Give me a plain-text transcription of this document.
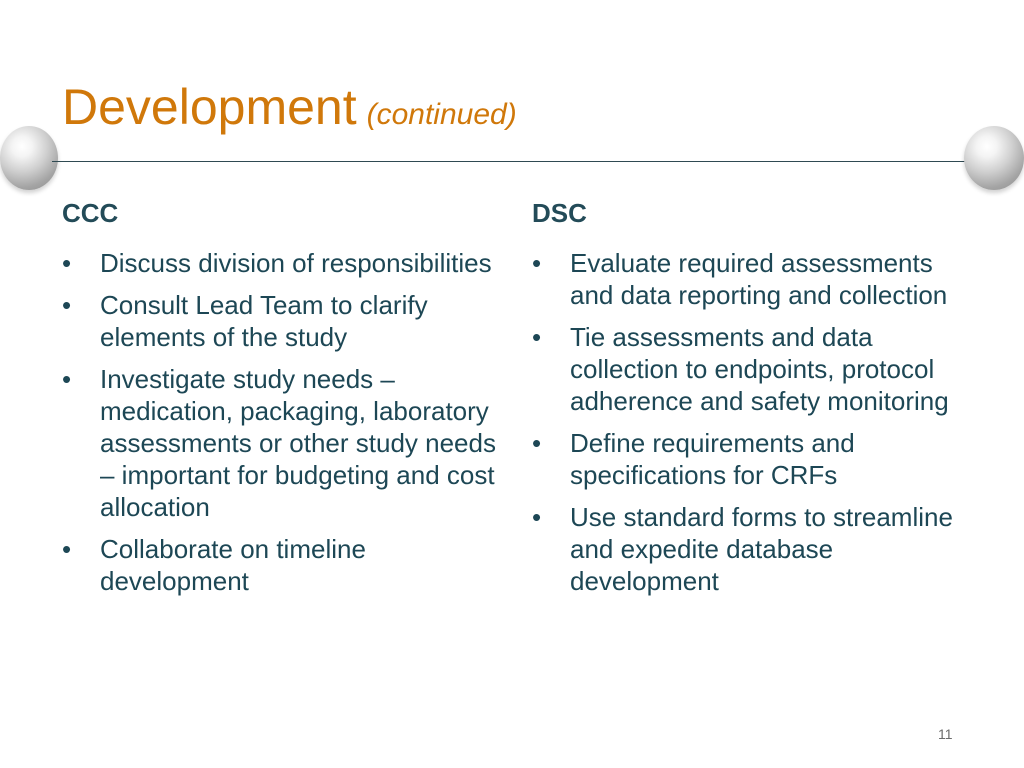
Development (continued)
CCC
•	Discuss division of responsibilities
•	Consult Lead Team to clarify elements of the study
•	Investigate study needs – medication, packaging, laboratory assessments or other study needs – important for budgeting and cost allocation
•	Collaborate on timeline development
DSC
•	Evaluate required assessments and data reporting and collection
•	Tie assessments and data collection to endpoints, protocol adherence and safety monitoring
•	Define requirements and specifications for CRFs
•	Use standard forms to streamline and expedite database development
11
